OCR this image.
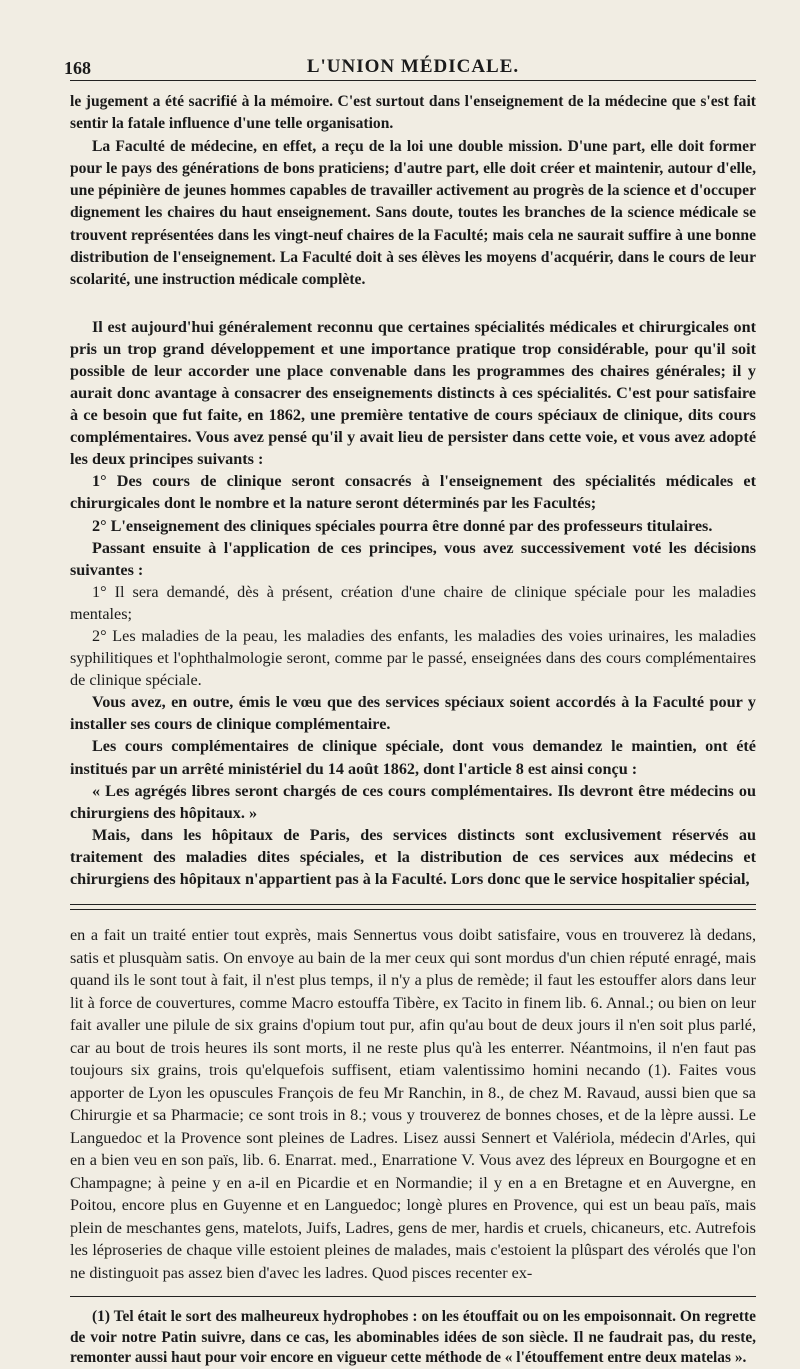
168	L'UNION MÉDICALE.

le jugement a été sacrifié à la mémoire. C'est surtout dans l'enseignement de la médecine que s'est fait sentir la fatale influence d'une telle organisation.

La Faculté de médecine, en effet, a reçu de la loi une double mission. D'une part, elle doit former pour le pays des générations de bons praticiens; d'autre part, elle doit créer et maintenir, autour d'elle, une pépinière de jeunes hommes capables de travailler activement au progrès de la science et d'occuper dignement les chaires du haut enseignement. Sans doute, toutes les branches de la science médicale se trouvent représentées dans les vingt-neuf chaires de la Faculté; mais cela ne saurait suffire à une bonne distribution de l'enseignement. La Faculté doit à ses élèves les moyens d'acquérir, dans le cours de leur scolarité, une instruction médicale complète.

Il est aujourd'hui généralement reconnu que certaines spécialités médicales et chirurgicales ont pris un trop grand développement et une importance pratique trop considérable, pour qu'il soit possible de leur accorder une place convenable dans les programmes des chaires générales; il y aurait donc avantage à consacrer des enseignements distincts à ces spécialités. C'est pour satisfaire à ce besoin que fut faite, en 1862, une première tentative de cours spéciaux de clinique, dits cours complémentaires. Vous avez pensé qu'il y avait lieu de persister dans cette voie, et vous avez adopté les deux principes suivants :

1° Des cours de clinique seront consacrés à l'enseignement des spécialités médicales et chirurgicales dont le nombre et la nature seront déterminés par les Facultés;

2° L'enseignement des cliniques spéciales pourra être donné par des professeurs titulaires.

Passant ensuite à l'application de ces principes, vous avez successivement voté les décisions suivantes :

1° Il sera demandé, dès à présent, création d'une chaire de clinique spéciale pour les maladies mentales;

2° Les maladies de la peau, les maladies des enfants, les maladies des voies urinaires, les maladies syphilitiques et l'ophthalmologie seront, comme par le passé, enseignées dans des cours complémentaires de clinique spéciale.

Vous avez, en outre, émis le vœu que des services spéciaux soient accordés à la Faculté pour y installer ses cours de clinique complémentaire.

Les cours complémentaires de clinique spéciale, dont vous demandez le maintien, ont été institués par un arrêté ministériel du 14 août 1862, dont l'article 8 est ainsi conçu :

« Les agrégés libres seront chargés de ces cours complémentaires. Ils devront être médecins ou chirurgiens des hôpitaux. »

Mais, dans les hôpitaux de Paris, des services distincts sont exclusivement réservés au traitement des maladies dites spéciales, et la distribution de ces services aux médecins et chirurgiens des hôpitaux n'appartient pas à la Faculté. Lors donc que le service hospitalier spécial,

en a fait un traité entier tout exprès, mais Sennertus vous doibt satisfaire, vous en trouverez là dedans, satis et plusquàm satis. On envoye au bain de la mer ceux qui sont mordus d'un chien réputé enragé, mais quand ils le sont tout à fait, il n'est plus temps, il n'y a plus de remède; il faut les estouffer alors dans leur lit à force de couvertures, comme Macro estouffa Tibère, ex Tacito in finem lib. 6. Annal.; ou bien on leur fait avaller une pilule de six grains d'opium tout pur, afin qu'au bout de deux jours il n'en soit plus parlé, car au bout de trois heures ils sont morts, il ne reste plus qu'à les enterrer. Néantmoins, il n'en faut pas toujours six grains, trois qu'elquefois suffisent, etiam valentissimo homini necando (1). Faites vous apporter de Lyon les opuscules François de feu Mr Ranchin, in 8., de chez M. Ravaud, aussi bien que sa Chirurgie et sa Pharmacie; ce sont trois in 8.; vous y trouverez de bonnes choses, et de la lèpre aussi. Le Languedoc et la Provence sont pleines de Ladres. Lisez aussi Sennert et Valériola, médecin d'Arles, qui en a bien veu en son païs, lib. 6. Enarrat. med., Enarratione V. Vous avez des lépreux en Bourgogne et en Champagne; à peine y en a-il en Picardie et en Normandie; il y en a en Bretagne et en Auvergne, en Poitou, encore plus en Guyenne et en Languedoc; longè plures en Provence, qui est un beau païs, mais plein de meschantes gens, matelots, Juifs, Ladres, gens de mer, hardis et cruels, chicaneurs, etc. Autrefois les léproseries de chaque ville estoient pleines de malades, mais c'estoient la plûspart des vérolés que l'on ne distinguoit pas assez bien d'avec les ladres. Quod pisces recenter ex-

(1) Tel était le sort des malheureux hydrophobes : on les étouffait ou on les empoisonnait. On regrette de voir notre Patin suivre, dans ce cas, les abominables idées de son siècle. Il ne faudrait pas, du reste, remonter aussi haut pour voir encore en vigueur cette méthode de « l'étouffement entre deux matelas ».
